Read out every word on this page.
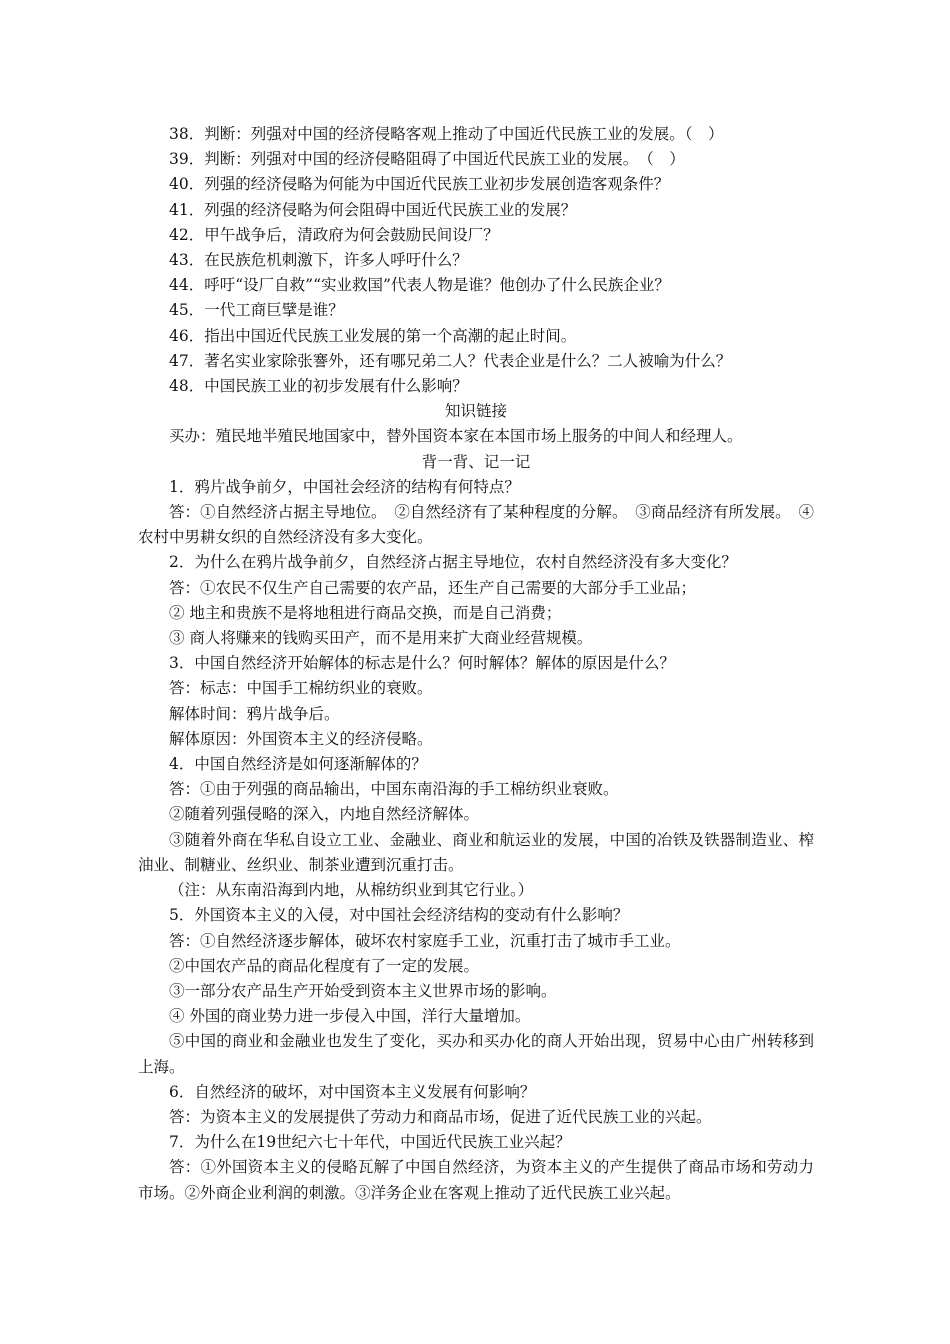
38．判断：列强对中国的经济侵略客观上推动了中国近代民族工业的发展。（　）

39．判断：列强对中国的经济侵略阻碍了中国近代民族工业的发展。　（　）

40．列强的经济侵略为何能为中国近代民族工业初步发展创造客观条件？

41．列强的经济侵略为何会阻碍中国近代民族工业的发展？

42．甲午战争后，清政府为何会鼓励民间设厂？

43．在民族危机刺激下，许多人呼吁什么？

44．呼吁“设厂自救”“实业救国”代表人物是谁？他创办了什么民族企业？

45．一代工商巨擘是谁？

46．指出中国近代民族工业发展的第一个高潮的起止时间。

47．著名实业家除张謇外，还有哪兄弟二人？代表企业是什么？二人被喻为什么？

48．中国民族工业的初步发展有什么影响？

知识链接

买办：殖民地半殖民地国家中，替外国资本家在本国市场上服务的中间人和经理人。

背一背、记一记

1．鸦片战争前夕，中国社会经济的结构有何特点？

答：①自然经济占据主导地位。　②自然经济有了某种程度的分解。　③商品经济有所发展。　④农村中男耕女织的自然经济没有多大变化。

2．为什么在鸦片战争前夕，自然经济占据主导地位，农村自然经济没有多大变化？

答：①农民不仅生产自己需要的农产品，还生产自己需要的大部分手工业品；

② 地主和贵族不是将地租进行商品交换，而是自己消费；

③ 商人将赚来的钱购买田产，而不是用来扩大商业经营规模。

3．中国自然经济开始解体的标志是什么？何时解体？解体的原因是什么？

答：标志：中国手工棉纺织业的衰败。

解体时间：鸦片战争后。

解体原因：外国资本主义的经济侵略。

4．中国自然经济是如何逐渐解体的？

答：①由于列强的商品输出，中国东南沿海的手工棉纺织业衰败。

②随着列强侵略的深入，内地自然经济解体。

③随着外商在华私自设立工业、金融业、商业和航运业的发展，中国的冶铁及铁器制造业、榨油业、制糖业、丝织业、制茶业遭到沉重打击。

（注：从东南沿海到内地，从棉纺织业到其它行业。）

5．外国资本主义的入侵，对中国社会经济结构的变动有什么影响？

答：①自然经济逐步解体，破坏农村家庭手工业，沉重打击了城市手工业。

②中国农产品的商品化程度有了一定的发展。

③一部分农产品生产开始受到资本主义世界市场的影响。

④ 外国的商业势力进一步侵入中国，洋行大量增加。

⑤中国的商业和金融业也发生了变化，买办和买办化的商人开始出现，贸易中心由广州转移到上海。

6．自然经济的破坏，对中国资本主义发展有何影响？

答：为资本主义的发展提供了劳动力和商品市场，促进了近代民族工业的兴起。

7．为什么在19世纪六七十年代，中国近代民族工业兴起？

答：①外国资本主义的侵略瓦解了中国自然经济，为资本主义的产生提供了商品市场和劳动力市场。②外商企业利润的刺激。③洋务企业在客观上推动了近代民族工业兴起。
